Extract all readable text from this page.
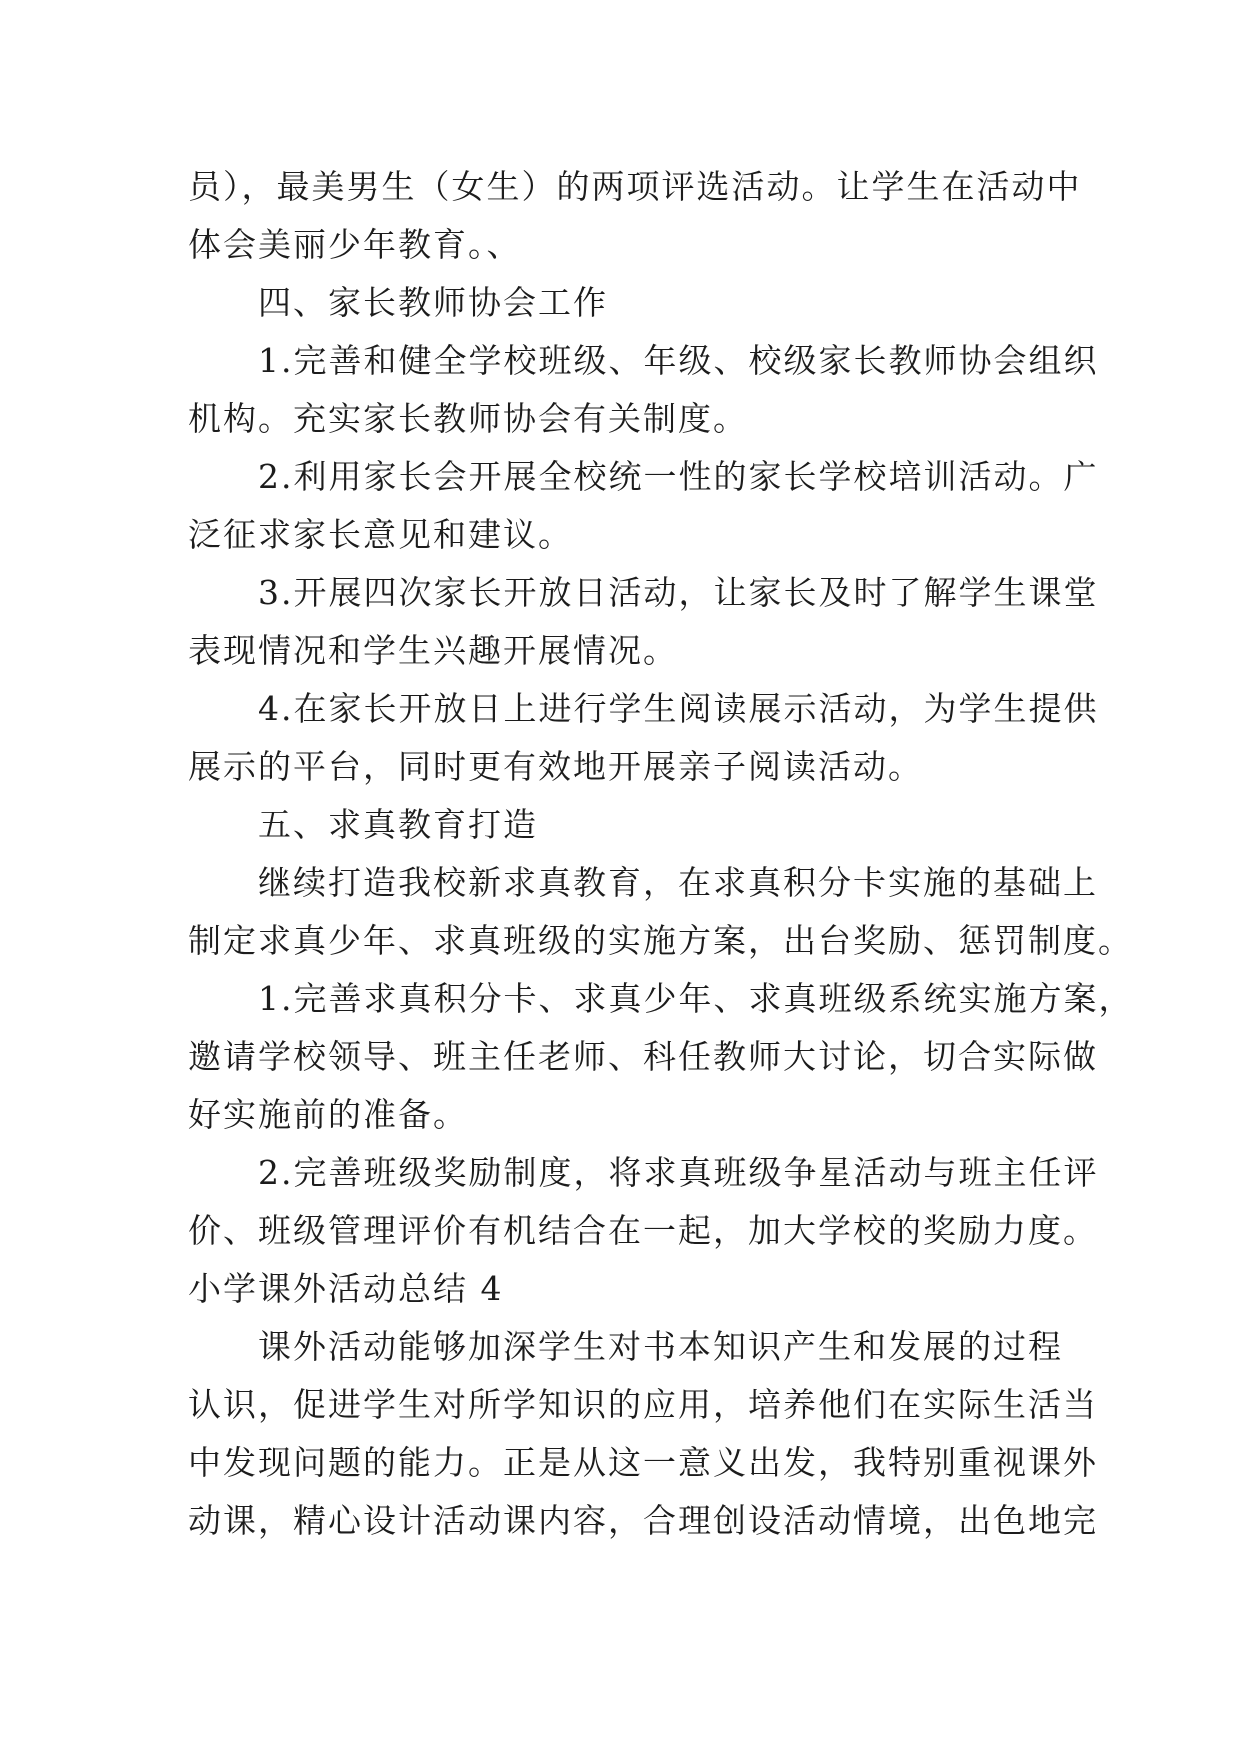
员），最美男生（女生）的两项评选活动。让学生在活动中
体会美丽少年教育。、
四、家长教师协会工作
1.完善和健全学校班级、年级、校级家长教师协会组织
机构。充实家长教师协会有关制度。
2.利用家长会开展全校统一性的家长学校培训活动。广
泛征求家长意见和建议。
3.开展四次家长开放日活动，让家长及时了解学生课堂
表现情况和学生兴趣开展情况。
4.在家长开放日上进行学生阅读展示活动，为学生提供
展示的平台，同时更有效地开展亲子阅读活动。
五、求真教育打造
继续打造我校新求真教育，在求真积分卡实施的基础上
制定求真少年、求真班级的实施方案，出台奖励、惩罚制度。
1.完善求真积分卡、求真少年、求真班级系统实施方案，
邀请学校领导、班主任老师、科任教师大讨论，切合实际做
好实施前的准备。
2.完善班级奖励制度，将求真班级争星活动与班主任评
价、班级管理评价有机结合在一起，加大学校的奖励力度。
小学课外活动总结 4
课外活动能够加深学生对书本知识产生和发展的过程
认识，促进学生对所学知识的应用，培养他们在实际生活当
中发现问题的能力。正是从这一意义出发，我特别重视课外
动课，精心设计活动课内容，合理创设活动情境，出色地完
